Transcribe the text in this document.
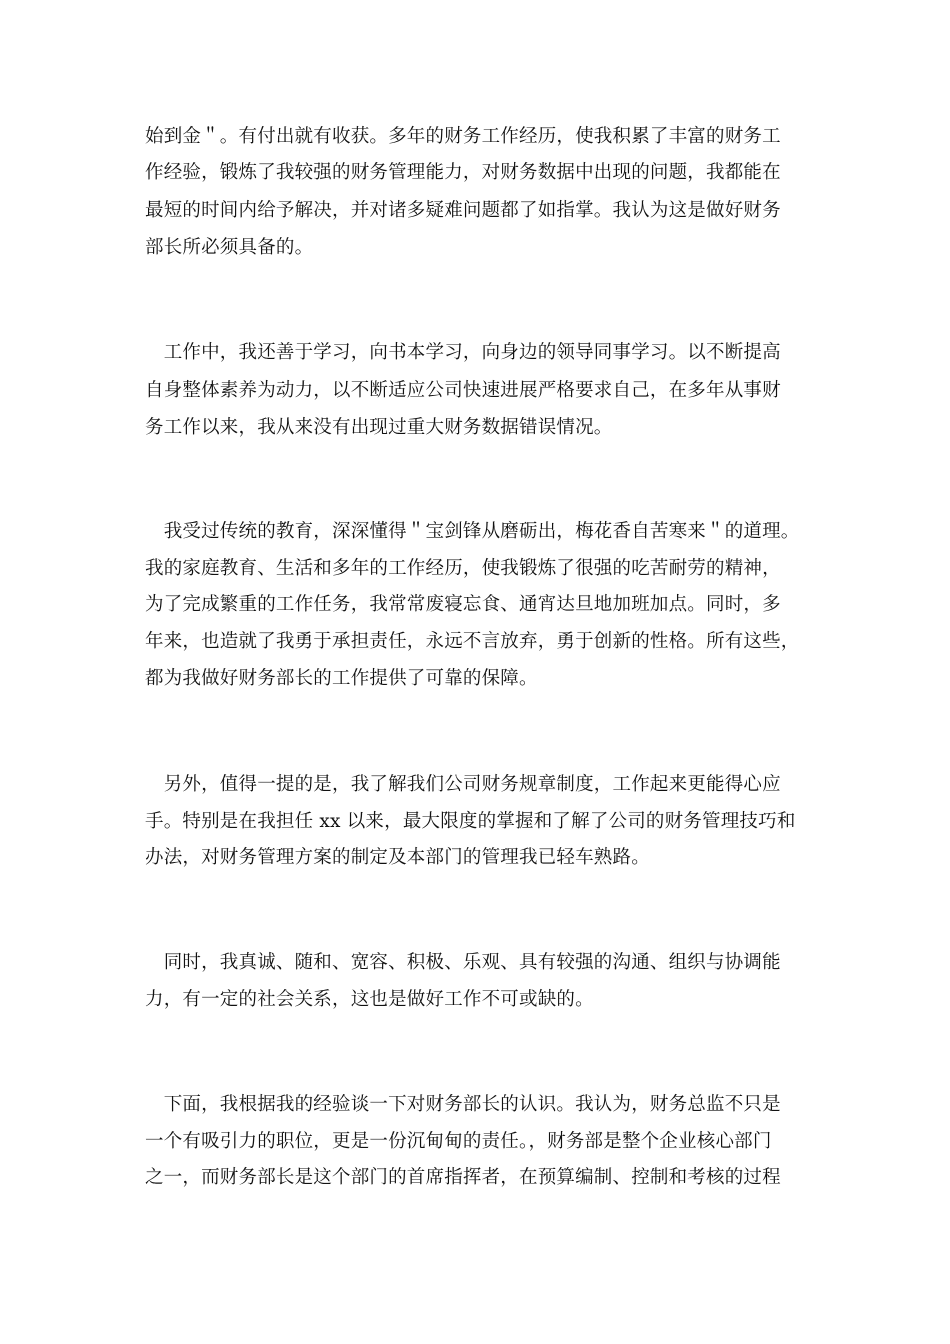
始到金＂。有付出就有收获。多年的财务工作经历，使我积累了丰富的财务工
作经验，锻炼了我较强的财务管理能力，对财务数据中出现的问题，我都能在
最短的时间内给予解决，并对诸多疑难问题都了如指掌。我认为这是做好财务
部长所必须具备的。
　工作中，我还善于学习，向书本学习，向身边的领导同事学习。以不断提高
自身整体素养为动力，以不断适应公司快速进展严格要求自己，在多年从事财
务工作以来，我从来没有出现过重大财务数据错误情况。
　我受过传统的教育，深深懂得＂宝剑锋从磨砺出，梅花香自苦寒来＂的道理。
我的家庭教育、生活和多年的工作经历，使我锻炼了很强的吃苦耐劳的精神，
为了完成繁重的工作任务，我常常废寝忘食、通宵达旦地加班加点。同时，多
年来，也造就了我勇于承担责任，永远不言放弃，勇于创新的性格。所有这些，
都为我做好财务部长的工作提供了可靠的保障。
　另外，值得一提的是，我了解我们公司财务规章制度，工作起来更能得心应
手。特别是在我担任 xx 以来，最大限度的掌握和了解了公司的财务管理技巧和
办法，对财务管理方案的制定及本部门的管理我已轻车熟路。
　同时，我真诚、随和、宽容、积极、乐观、具有较强的沟通、组织与协调能
力，有一定的社会关系，这也是做好工作不可或缺的。
　下面，我根据我的经验谈一下对财务部长的认识。我认为，财务总监不只是
一个有吸引力的职位，更是一份沉甸甸的责任。，财务部是整个企业核心部门
之一，而财务部长是这个部门的首席指挥者，在预算编制、控制和考核的过程
